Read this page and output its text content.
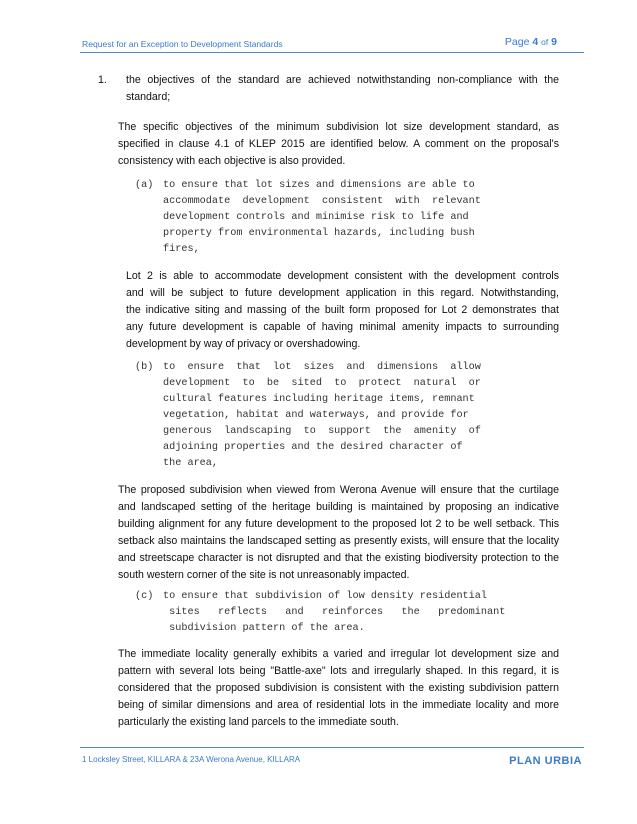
Request for an Exception to Development Standards	Page 4 of 9
1. the objectives of the standard are achieved notwithstanding non-compliance with the
standard;
The specific objectives of the minimum subdivision lot size development standard, as
specified in clause 4.1 of KLEP 2015 are identified below. A comment on the proposal's
consistency with each objective is also provided.
(a) to ensure that lot sizes and dimensions are able to
accommodate  development  consistent  with  relevant
development controls and minimise risk to life and
property from environmental hazards, including bush
fires,
Lot 2 is able to accommodate development consistent with the development controls
and will be subject to future development application in this regard. Notwithstanding,
the indicative siting and massing of the built form proposed for Lot 2 demonstrates that
any future development is capable of having minimal amenity impacts to surrounding
development by way of privacy or overshadowing.
(b) to  ensure  that  lot  sizes  and  dimensions  allow
development  to  be  sited  to  protect  natural  or
cultural features including heritage items, remnant
vegetation, habitat and waterways, and provide for
generous  landscaping  to  support  the  amenity  of
adjoining properties and the desired character of
the area,
The proposed subdivision when viewed from Werona Avenue will ensure that the curtilage
and landscaped setting of the heritage building is maintained by proposing an indicative
building alignment for any future development to the proposed lot 2 to be well setback. This
setback also maintains the landscaped setting as presently exists, will ensure that the locality
and streetscape character is not disrupted and that the existing biodiversity protection to the
south western corner of the site is not unreasonably impacted.
(c) to ensure that subdivision of low density residential
sites   reflects   and   reinforces   the   predominant
subdivision pattern of the area.
The immediate locality generally exhibits a varied and irregular lot development size and
pattern with several lots being "Battle-axe" lots and irregularly shaped. In this regard, it is
considered that the proposed subdivision is consistent with the existing subdivision pattern
being of similar dimensions and area of residential lots in the immediate locality and more
particularly the existing land parcels to the immediate south.
1 Locksley Street, KILLARA & 23A Werona Avenue, KILLARA	PLAN URBIA
